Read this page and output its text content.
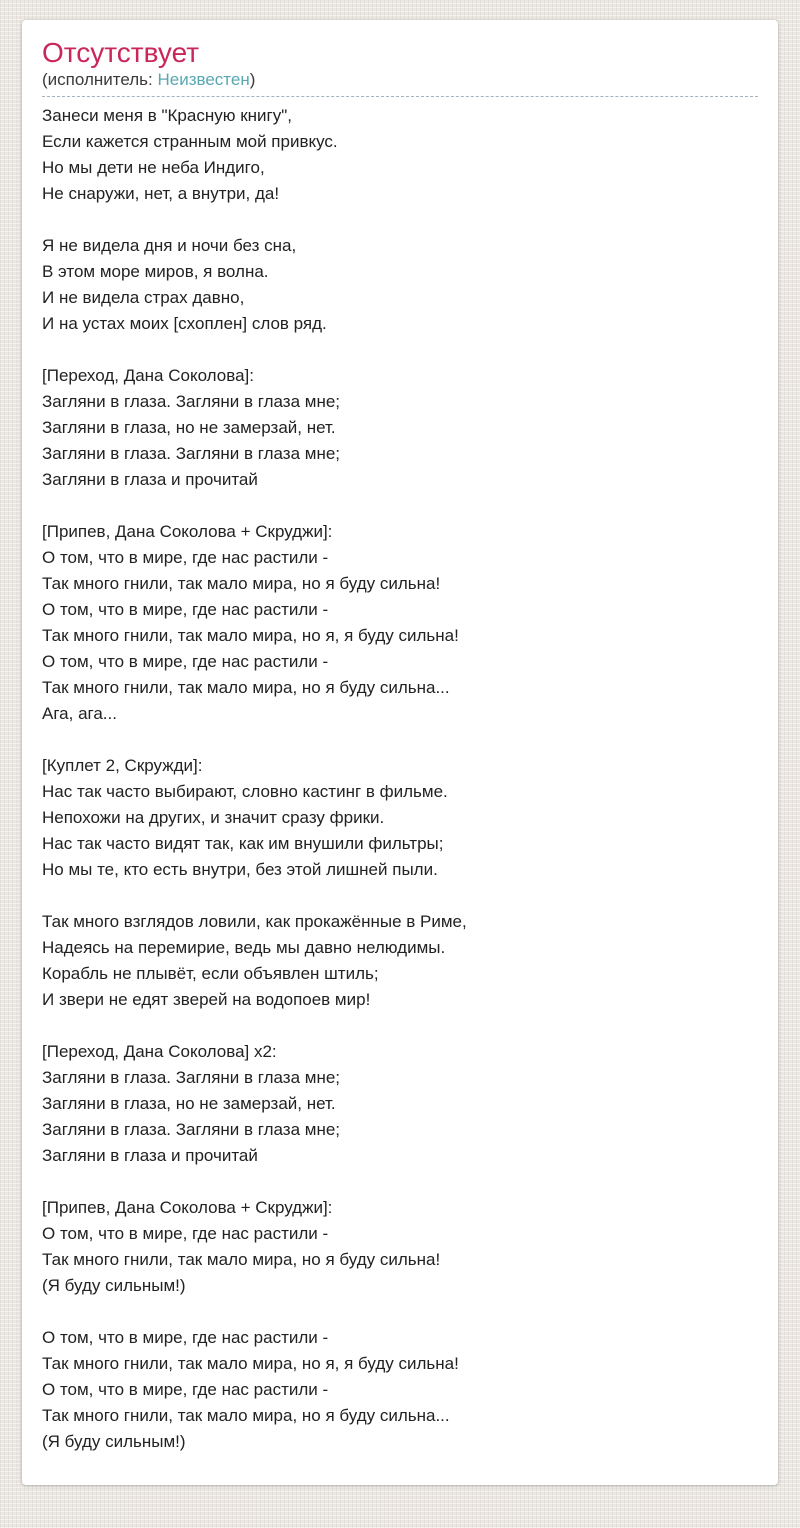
Отсутствует
(исполнитель: Неизвестен)
Занеси меня в "Красную книгу",
Если кажется странным мой привкус.
Но мы дети не неба Индиго,
Не снаружи, нет, а внутри, да!
Я не видела дня и ночи без сна,
В этом море миров, я волна.
И не видела страх давно,
И на устах моих [схоплен] слов ряд.
[Переход, Дана Соколова]:
Загляни в глаза. Загляни в глаза мне;
Загляни в глаза, но не замерзай, нет.
Загляни в глаза. Загляни в глаза мне;
Загляни в глаза и прочитай
[Припев, Дана Соколова + Скруджи]:
О том, что в мире, где нас растили -
Так много гнили, так мало мира, но я буду сильна!
О том, что в мире, где нас растили -
Так много гнили, так мало мира, но я, я буду сильна!
О том, что в мире, где нас растили -
Так много гнили, так мало мира, но я буду сильна...
Ага, ага...
[Куплет 2, Скружди]:
Нас так часто выбирают, словно кастинг в фильме.
Непохожи на других, и значит сразу фрики.
Нас так часто видят так, как им внушили фильтры;
Но мы те, кто есть внутри, без этой лишней пыли.
Так много взглядов ловили, как прокажённые в Риме,
Надеясь на перемирие, ведь мы давно нелюдимы.
Корабль не плывёт, если объявлен штиль;
И звери не едят зверей на водопоев мир!
[Переход, Дана Соколова] x2:
Загляни в глаза. Загляни в глаза мне;
Загляни в глаза, но не замерзай, нет.
Загляни в глаза. Загляни в глаза мне;
Загляни в глаза и прочитай
[Припев, Дана Соколова + Скруджи]:
О том, что в мире, где нас растили -
Так много гнили, так мало мира, но я буду сильна!
(Я буду сильным!)
О том, что в мире, где нас растили -
Так много гнили, так мало мира, но я, я буду сильна!
О том, что в мире, где нас растили -
Так много гнили, так мало мира, но я буду сильна...
(Я буду сильным!)
